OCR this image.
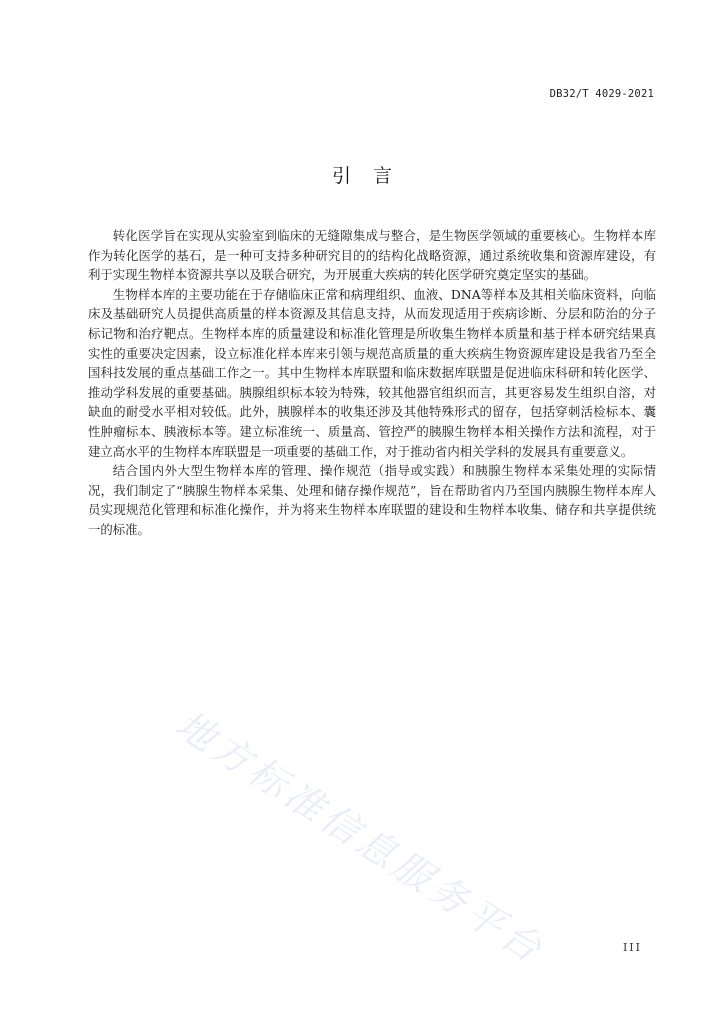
DB32/T 4029-2021
引言

转化医学旨在实现从实验室到临床的无缝隙集成与整合，是生物医学领域的重要核心。生物样本库作为转化医学的基石，是一种可支持多种研究目的的结构化战略资源，通过系统收集和资源库建设，有利于实现生物样本资源共享以及联合研究，为开展重大疾病的转化医学研究奠定坚实的基础。

生物样本库的主要功能在于存储临床正常和病理组织、血液、DNA等样本及其相关临床资料，向临床及基础研究人员提供高质量的样本资源及其信息支持，从而发现适用于疾病诊断、分层和防治的分子标记物和治疗靶点。生物样本库的质量建设和标准化管理是所收集生物样本质量和基于样本研究结果真实性的重要决定因素，设立标准化样本库来引领与规范高质量的重大疾病生物资源库建设是我省乃至全国科技发展的重点基础工作之一。其中生物样本库联盟和临床数据库联盟是促进临床科研和转化医学、推动学科发展的重要基础。胰腺组织标本较为特殊，较其他器官组织而言，其更容易发生组织自溶，对缺血的耐受水平相对较低。此外，胰腺样本的收集还涉及其他特殊形式的留存，包括穿刺活检标本、囊性肿瘤标本、胰液标本等。建立标准统一、质量高、管控严的胰腺生物样本相关操作方法和流程，对于建立高水平的生物样本库联盟是一项重要的基础工作，对于推动省内相关学科的发展具有重要意义。

结合国内外大型生物样本库的管理、操作规范（指导或实践）和胰腺生物样本采集处理的实际情况，我们制定了“胰腺生物样本采集、处理和储存操作规范”，旨在帮助省内乃至国内胰腺生物样本库人员实现规范化管理和标准化操作，并为将来生物样本库联盟的建设和生物样本收集、储存和共享提供统一的标准。

地方标准信息服务平台	III
